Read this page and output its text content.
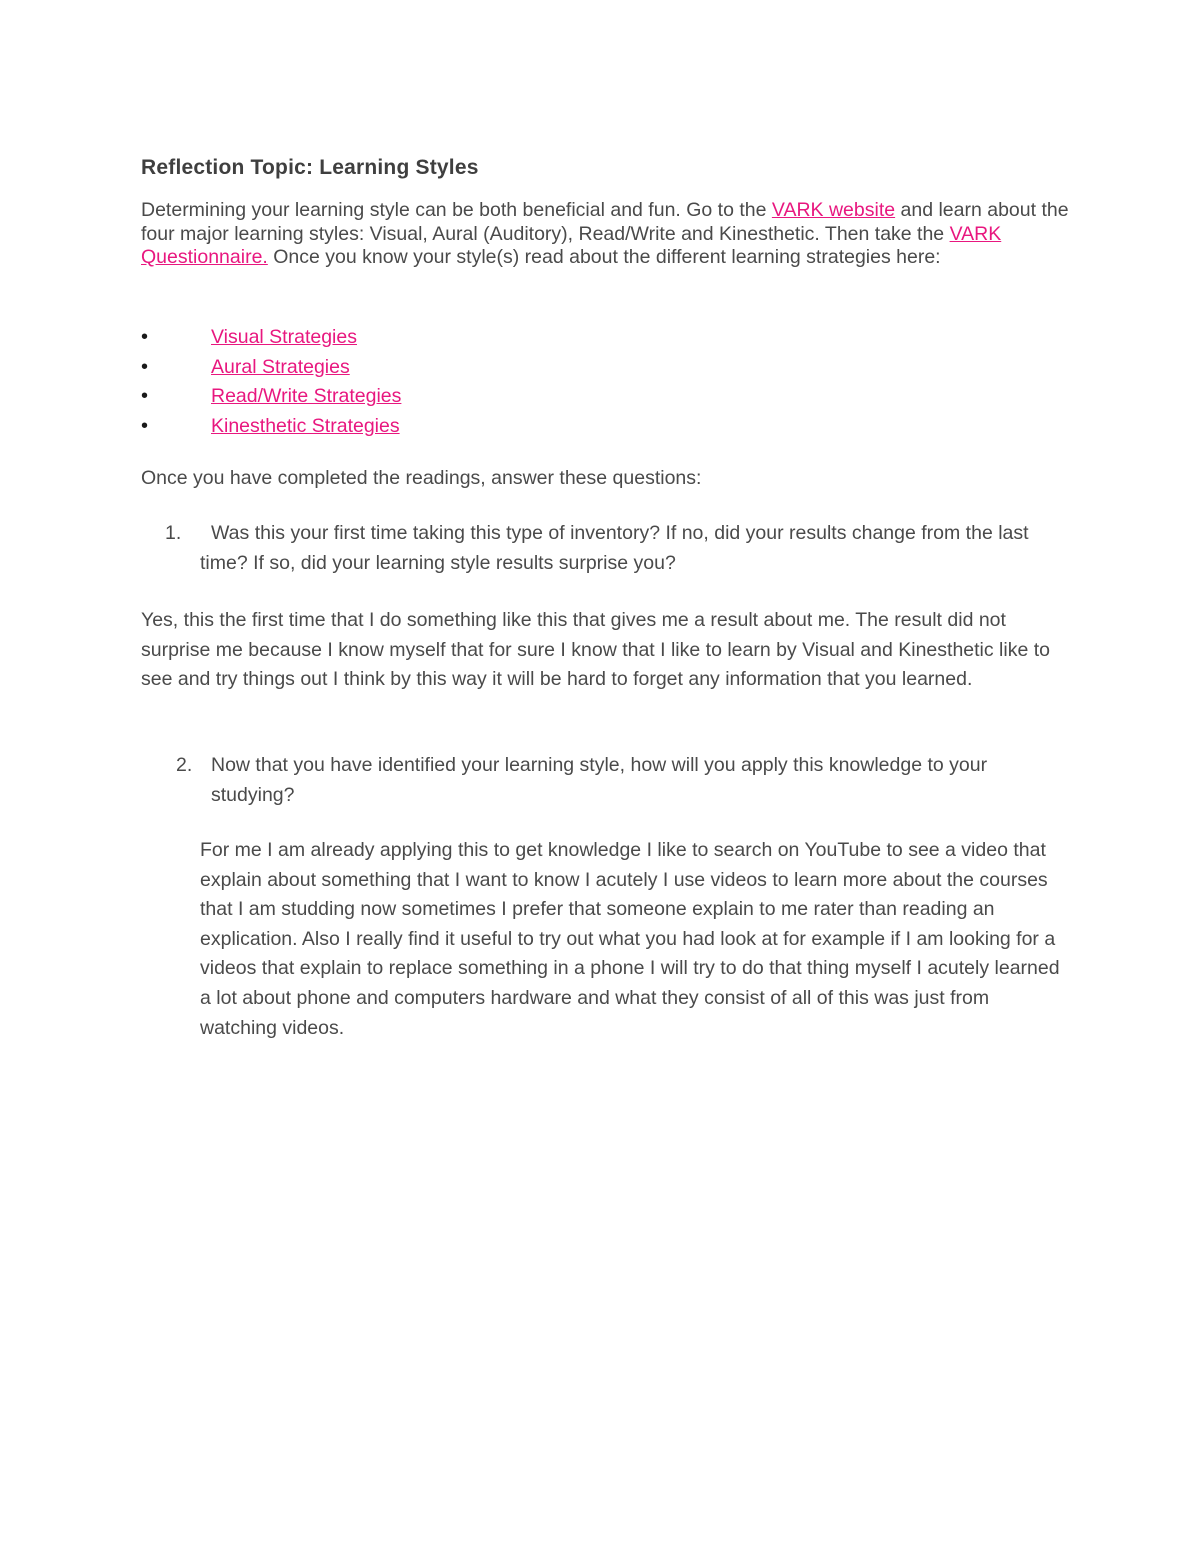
Reflection Topic: Learning Styles
Determining your learning style can be both beneficial and fun. Go to the VARK website and learn about the four major learning styles: Visual, Aural (Auditory), Read/Write and Kinesthetic. Then take the VARK Questionnaire. Once you know your style(s) read about the different learning strategies here:
•	Visual Strategies
•	Aural Strategies
•	Read/Write Strategies
•	Kinesthetic Strategies
Once you have completed the readings, answer these questions:
1.	Was this your first time taking this type of inventory? If no, did your results change from the last time? If so, did your learning style results surprise you?
Yes, this the first time that I do something like this that gives me a result about me. The result did not surprise me because I know myself that for sure I know that I like to learn by Visual and Kinesthetic like to see and try things out I think by this way it will be hard to forget any information that you learned.
2. Now that you have identified your learning style, how will you apply this knowledge to your studying?
For me I am already applying this to get knowledge I like to search on YouTube to see a video that explain about something that I want to know I acutely I use videos to learn more about the courses that I am studding now sometimes I prefer that someone explain to me rater than reading an explication. Also I really find it useful to try out what you had look at for example if I am looking for a videos that explain to replace something in a phone I will try to do that thing myself I acutely learned a lot about phone and computers hardware and what they consist of all of this was just from watching videos.
